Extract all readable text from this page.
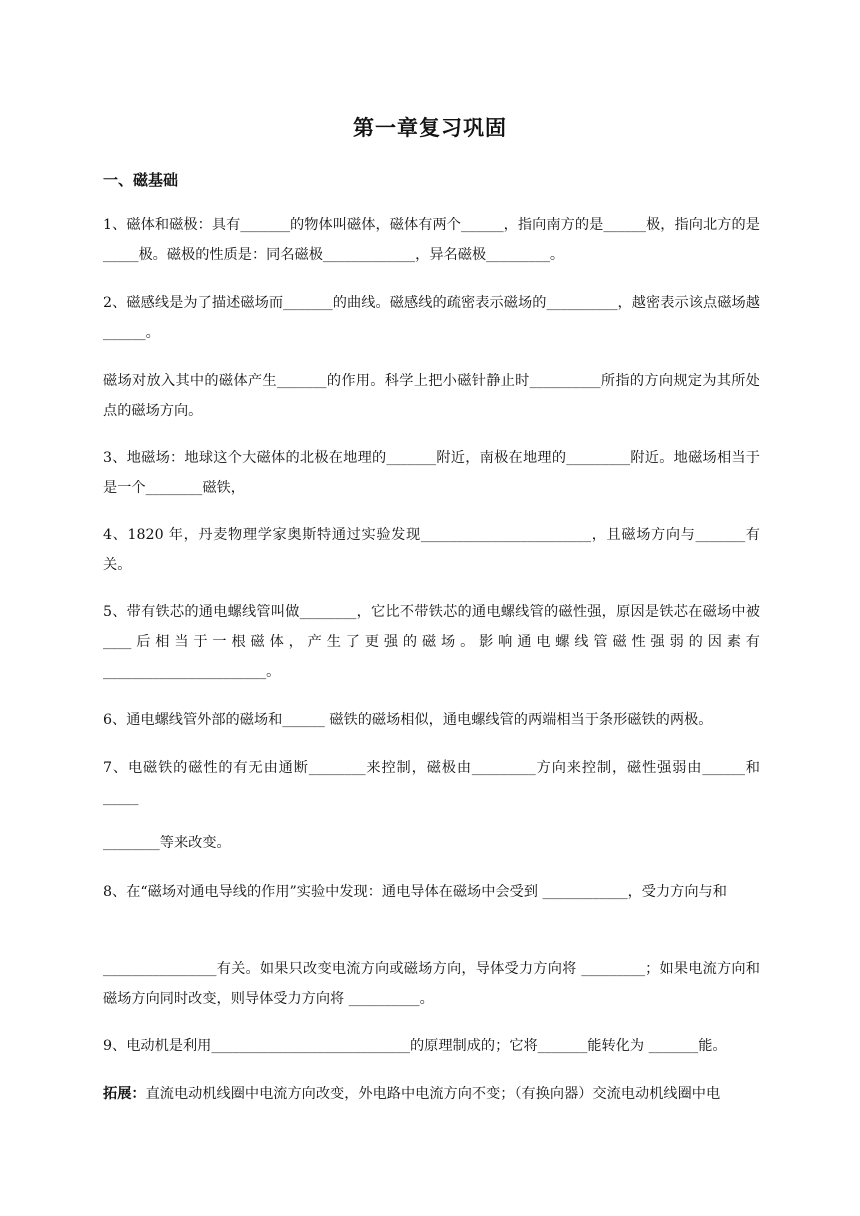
第一章复习巩固
一、磁基础
1、磁体和磁极：具有_______的物体叫磁体，磁体有两个______，指向南方的是______极，指向北方的是_____极。磁极的性质是：同名磁极_____________，异名磁极_________。
2、磁感线是为了描述磁场而_______的曲线。磁感线的疏密表示磁场的__________，越密表示该点磁场越______。
磁场对放入其中的磁体产生_______的作用。科学上把小磁针静止时__________所指的方向规定为其所处点的磁场方向。
3、地磁场：地球这个大磁体的北极在地理的_______附近，南极在地理的_________附近。地磁场相当于是一个________磁铁，
4、1820 年，丹麦物理学家奥斯特通过实验发现________________________，且磁场方向与_______有关。
5、带有铁芯的通电螺线管叫做________，它比不带铁芯的通电螺线管的磁性强，原因是铁芯在磁场中被____后相当于一根磁体，产生了更强的磁场。影响通电螺线管磁性强弱的因素有_______________________。
6、通电螺线管外部的磁场和______ 磁铁的磁场相似，通电螺线管的两端相当于条形磁铁的两极。
7、电磁铁的磁性的有无由通断________来控制，磁极由_________方向来控制，磁性强弱由______和_____
________等来改变。
8、在“磁场对通电导线的作用”实验中发现：通电导体在磁场中会受到 ____________，受力方向与和
________________有关。如果只改变电流方向或磁场方向，导体受力方向将 _________；如果电流方向和磁场方向同时改变，则导体受力方向将 __________。
9、电动机是利用____________________________的原理制成的；它将_______能转化为 _______能。
拓展：直流电动机线圈中电流方向改变，外电路中电流方向不变；（有换向器）交流电动机线圈中电
